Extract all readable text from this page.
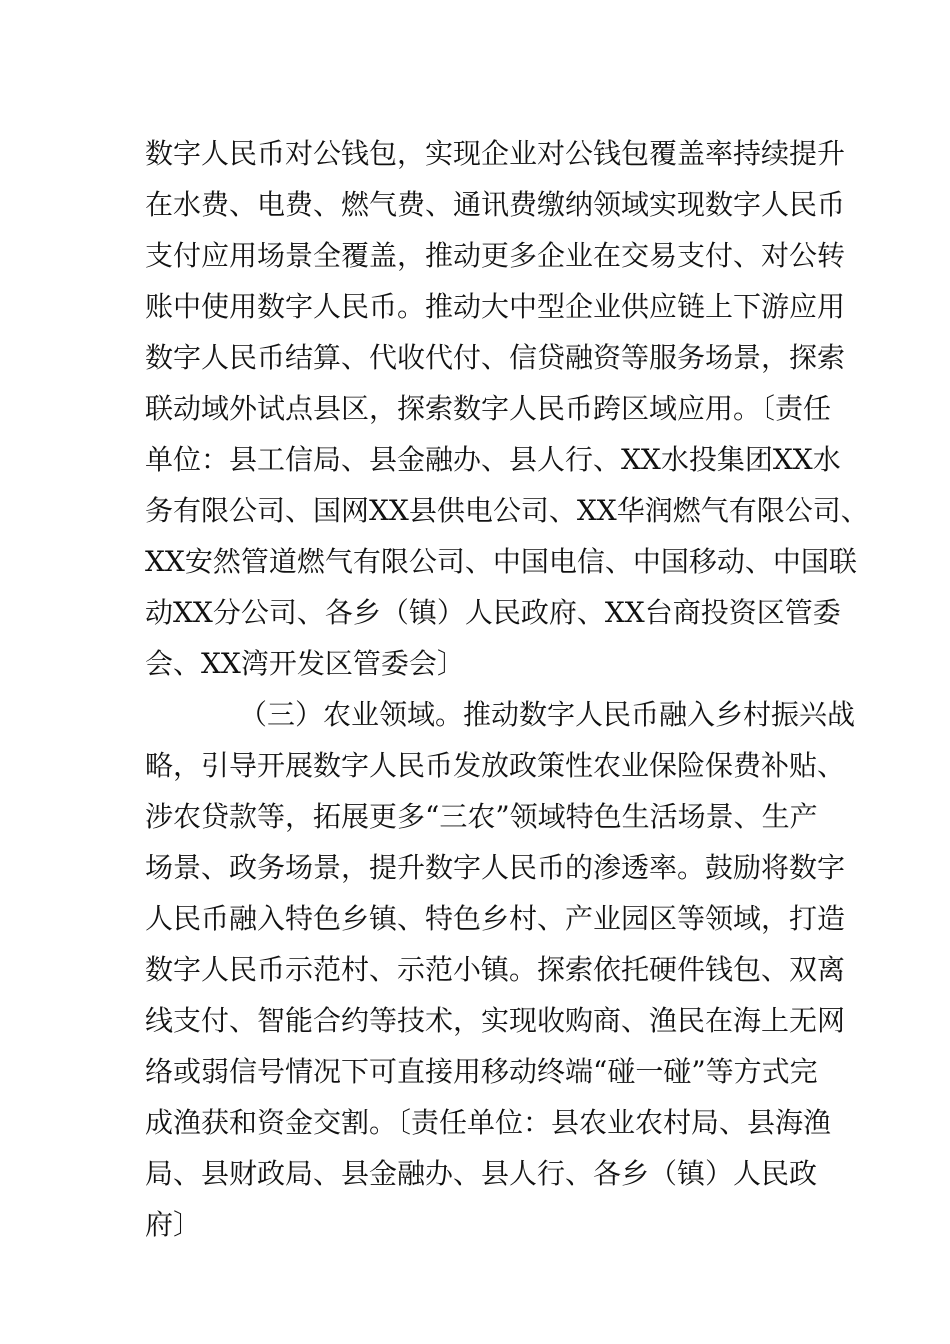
数字人民币对公钱包，实现企业对公钱包覆盖率持续提升
在水费、电费、燃气费、通讯费缴纳领域实现数字人民币
支付应用场景全覆盖，推动更多企业在交易支付、对公转
账中使用数字人民币。推动大中型企业供应链上下游应用
数字人民币结算、代收代付、信贷融资等服务场景，探索
联动域外试点县区，探索数字人民币跨区域应用。〔责任
单位：县工信局、县金融办、县人行、XX水投集团XX水
务有限公司、国网XX县供电公司、XX华润燃气有限公司、
XX安然管道燃气有限公司、中国电信、中国移动、中国联
动XX分公司、各乡（镇）人民政府、XX台商投资区管委
会、XX湾开发区管委会〕
（三）农业领域。推动数字人民币融入乡村振兴战
略，引导开展数字人民币发放政策性农业保险保费补贴、
涉农贷款等，拓展更多“三农”领域特色生活场景、生产
场景、政务场景，提升数字人民币的渗透率。鼓励将数字
人民币融入特色乡镇、特色乡村、产业园区等领域，打造
数字人民币示范村、示范小镇。探索依托硬件钱包、双离
线支付、智能合约等技术，实现收购商、渔民在海上无网
络或弱信号情况下可直接用移动终端“碰一碰”等方式完
成渔获和资金交割。〔责任单位：县农业农村局、县海渔
局、县财政局、县金融办、县人行、各乡（镇）人民政
府〕
